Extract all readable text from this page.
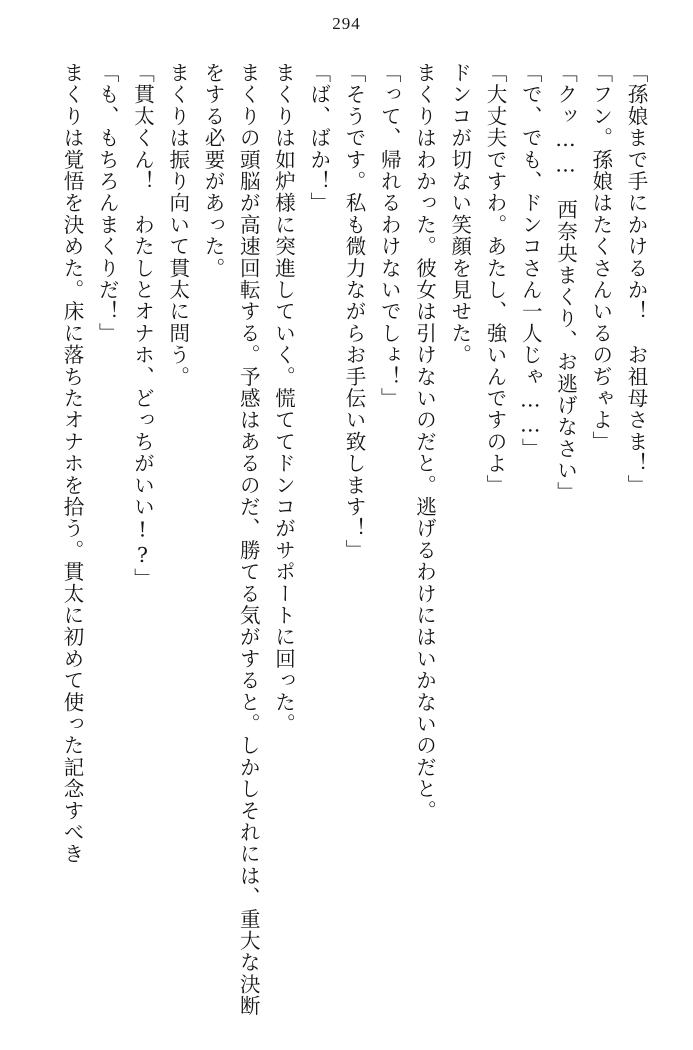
294
「孫娘まで手にかけるか！　お祖母さま！」
「フン。孫娘はたくさんいるのぢゃよ」
「クッ……　西奈央まくり、お逃げなさい」
「で、でも、ドンコさん一人じゃ……」
「大丈夫ですわ。あたし、強いんですのよ」
ドンコが切ない笑顔を見せた。
まくりはわかった。彼女は引けないのだと。逃げるわけにはいかないのだと。
「って、帰れるわけないでしょ！」
「そうです。私も微力ながらお手伝い致します！」
「ば、ばか！」
まくりは如炉様に突進していく。慌ててドンコがサポートに回った。
まくりの頭脳が高速回転する。予感はあるのだ、勝てる気がすると。しかしそれには、重大な決断をする必要があった。
まくりは振り向いて貫太に問う。
「貫太くん！　わたしとオナホ、どっちがいい!?」
「も、もちろんまくりだ！」
まくりは覚悟を決めた。床に落ちたオナホを拾う。貫太に初めて使った記念すべき
